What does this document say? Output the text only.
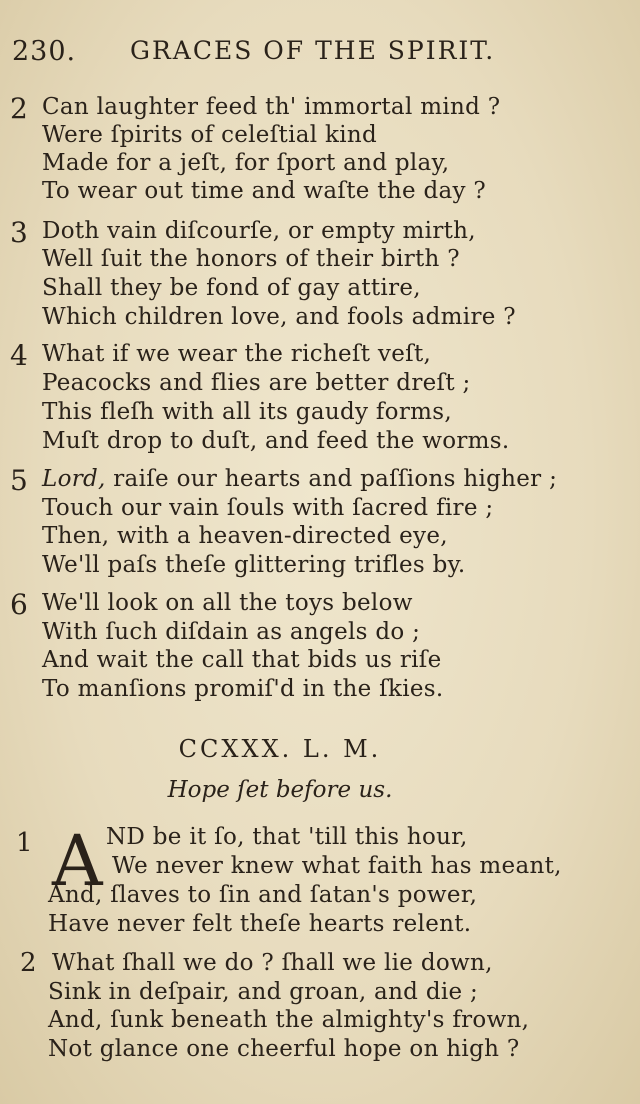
230. GRACES OF THE SPIRIT.
2 Can laughter feed th' immortal mind ?
Were ſpirits of celeſtial kind
Made for a jeſt, for ſport and play,
To wear out time and waſte the day ?
3 Doth vain diſcourſe, or empty mirth,
Well ſuit the honors of their birth ?
Shall they be fond of gay attire,
Which children love, and fools admire ?
4 What if we wear the richeſt veſt,
Peacocks and flies are better dreſt ;
This fleſh with all its gaudy forms,
Muſt drop to duſt, and feed the worms.
5 Lord, raiſe our hearts and paſſions higher ;
Touch our vain ſouls with ſacred fire ;
Then, with a heaven-directed eye,
We'll paſs theſe glittering trifles by.
6 We'll look on all the toys below
With ſuch diſdain as angels do ;
And wait the call that bids us riſe
To manſions promiſ'd in the ſkies.
CCXXX. L. M.
Hope ſet before us.
1 A ND be it ſo, that 'till this hour,
We never knew what faith has meant,
And, ſlaves to ſin and ſatan's power,
Have never felt theſe hearts relent.
2 What ſhall we do ? ſhall we lie down,
Sink in deſpair, and groan, and die ;
And, ſunk beneath the almighty's frown,
Not glance one cheerful hope on high ?
